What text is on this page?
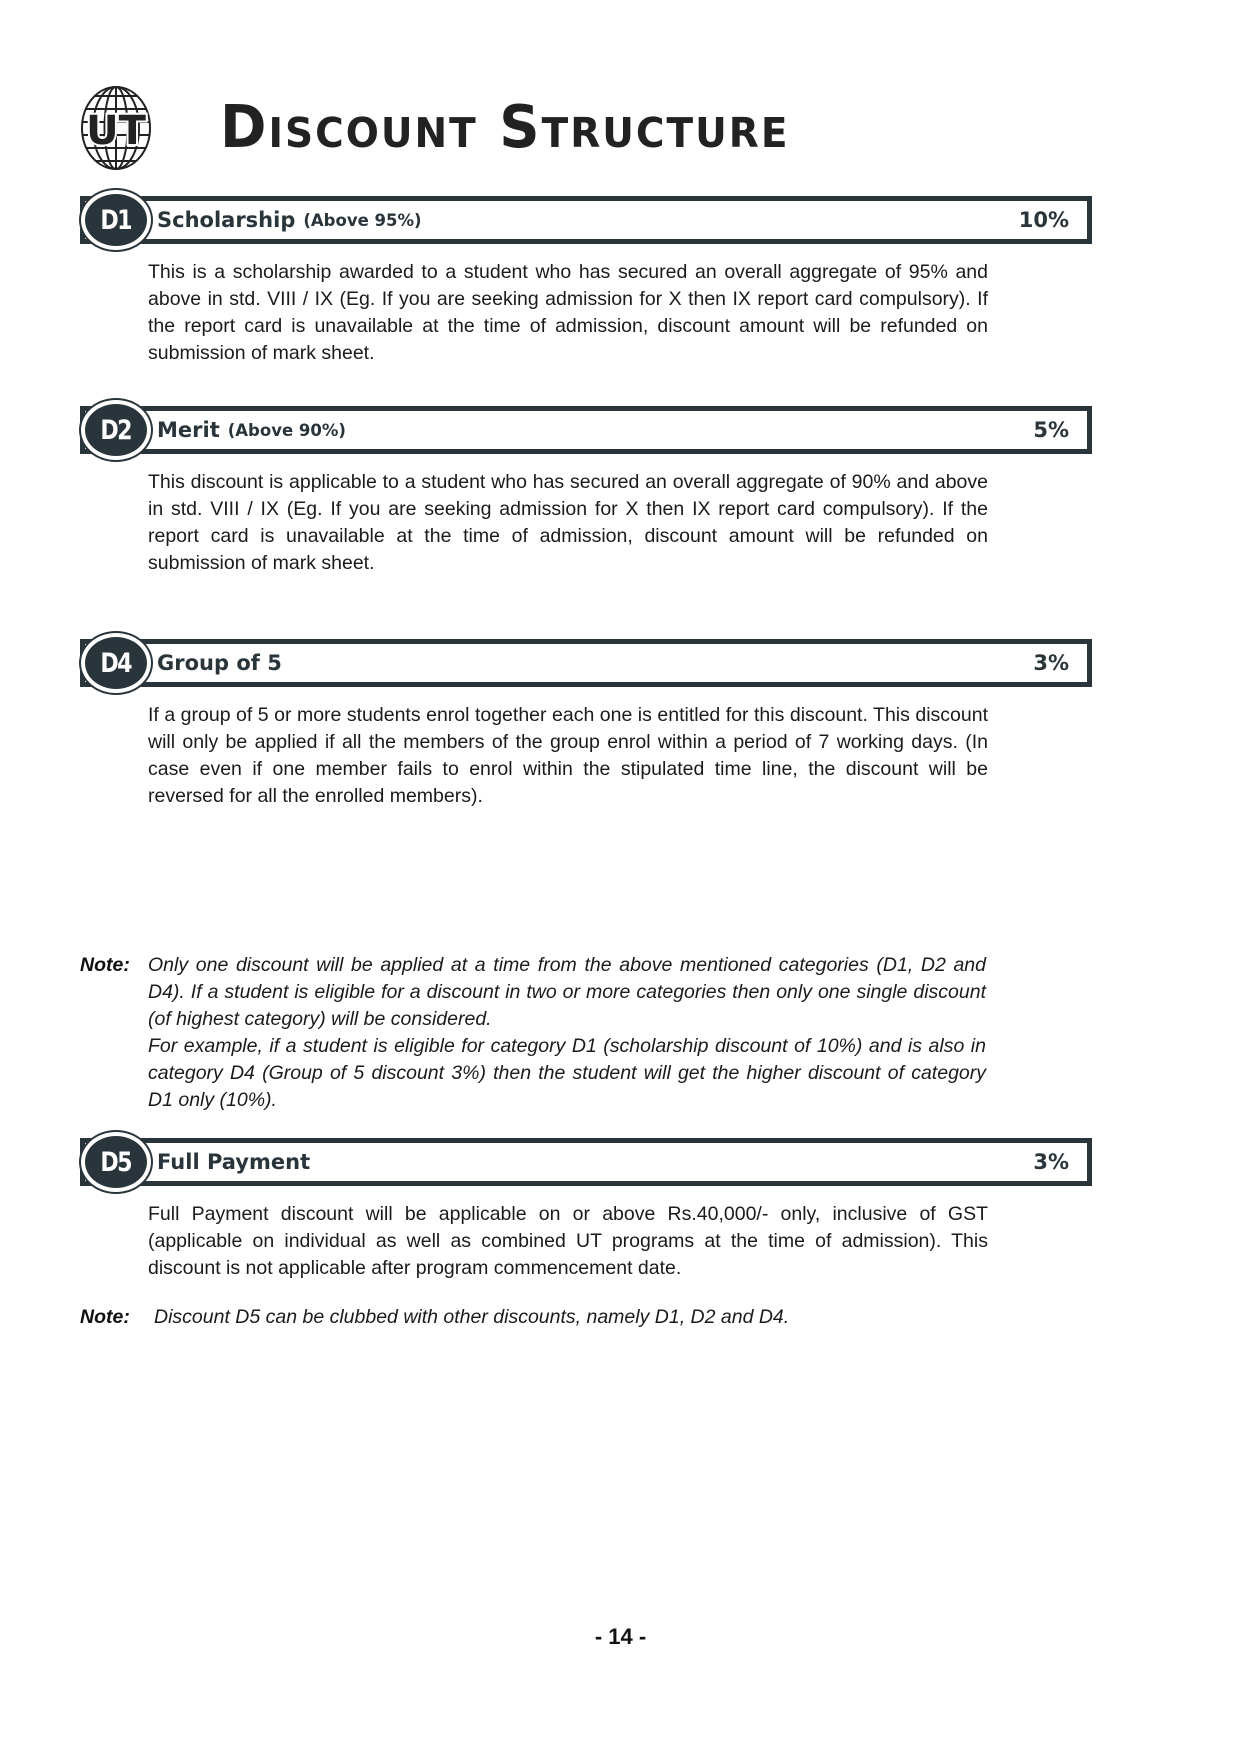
UT Discount Structure
D1 Scholarship (Above 95%)	10%

This is a scholarship awarded to a student who has secured an overall aggregate of 95% and above in std. VIII / IX (Eg. If you are seeking admission for X then IX report card compulsory). If the report card is unavailable at the time of admission, discount amount will be refunded on submission of mark sheet.

D2 Merit (Above 90%)	5%

This discount is applicable to a student who has secured an overall aggregate of 90% and above in std. VIII / IX (Eg. If you are seeking admission for X then IX report card compulsory). If the report card is unavailable at the time of admission, discount amount will be refunded on submission of mark sheet.

D4 Group of 5	3%

If a group of 5 or more students enrol together each one is entitled for this discount. This discount will only be applied if all the members of the group enrol within a period of 7 working days. (In case even if one member fails to enrol within the stipulated time line, the discount will be reversed for all the enrolled members).

Note: Only one discount will be applied at a time from the above mentioned categories (D1, D2 and D4). If a student is eligible for a discount in two or more categories then only one single discount (of highest category) will be considered.

For example, if a student is eligible for category D1 (scholarship discount of 10%) and is also in category D4 (Group of 5 discount 3%) then the student will get the higher discount of category D1 only (10%).

D5 Full Payment	3%

Full Payment discount will be applicable on or above Rs.40,000/- only, inclusive of GST (applicable on individual as well as combined UT programs at the time of admission). This discount is not applicable after program commencement date.

Note:	Discount D5 can be clubbed with other discounts, namely D1, D2 and D4.

- 14 -
